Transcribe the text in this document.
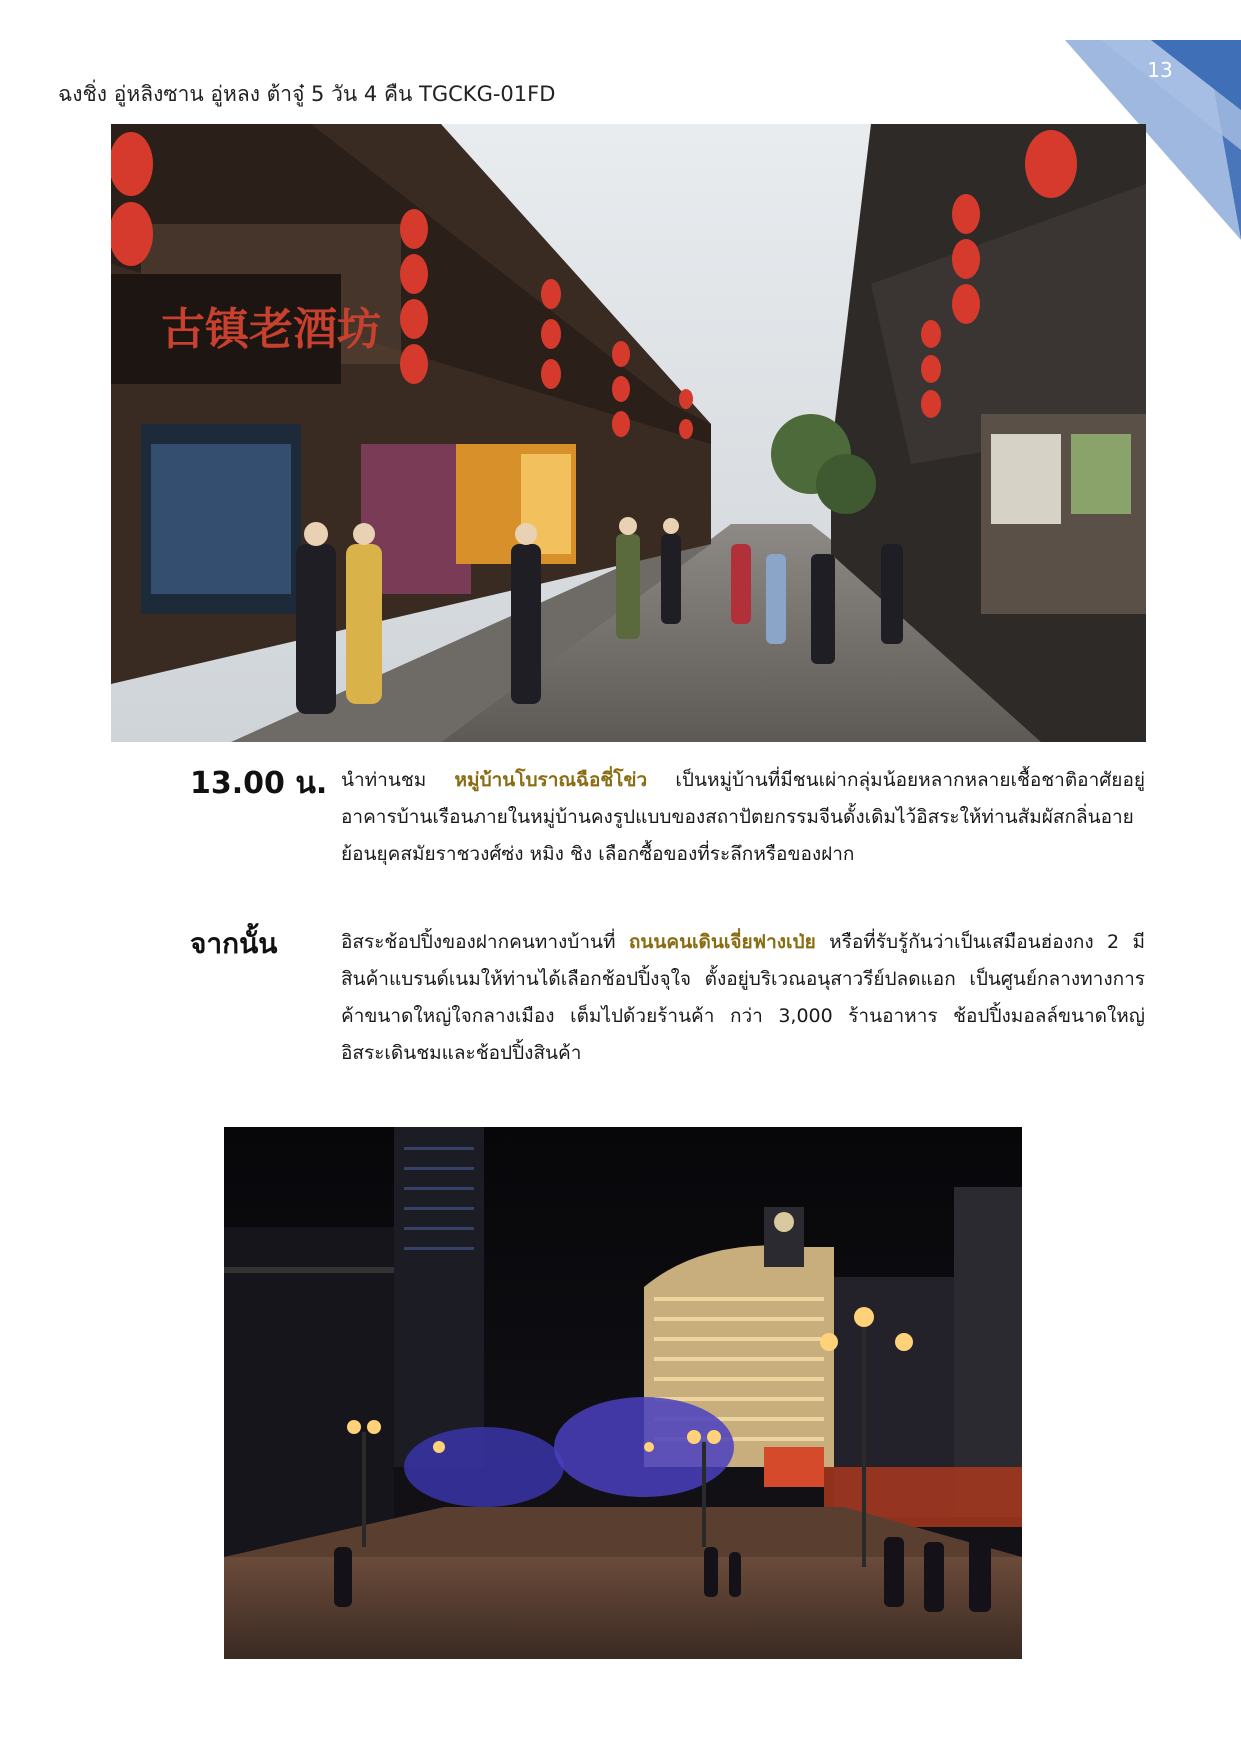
13
ฉงชิ่ง อู่หลิงซาน อู่หลง ต้าจู๋ 5 วัน 4 คืน TGCKG-01FD
古镇老酒坊
13.00 น. นำท่านชม หมู่บ้านโบราณฉือชี่โข่ว เป็นหมู่บ้านที่มีชนเผ่ากลุ่มน้อยหลากหลายเชื้อชาติอาศัยอยู่ อาคารบ้านเรือนภายในหมู่บ้านคงรูปแบบของสถาปัตยกรรมจีนดั้งเดิมไว้อิสระให้ท่านสัมผัสกลิ่นอายย้อนยุคสมัยราชวงศ์ซ่ง หมิง ชิง เลือกซื้อของที่ระลึกหรือของฝาก
จากนั้น	อิสระช้อปปิ้งของฝากคนทางบ้านที่ ถนนคนเดินเจี่ยฟางเป่ย หรือที่รับรู้กันว่าเป็นเสมือนฮ่องกง 2 มีสินค้าแบรนด์เนมให้ท่านได้เลือกช้อปปิ้งจุใจ ตั้งอยู่บริเวณอนุสาวรีย์ปลดแอก เป็นศูนย์กลางทางการค้าขนาดใหญ่ใจกลางเมือง เต็มไปด้วยร้านค้า กว่า 3,000 ร้านอาหาร ช้อปปิ้งมอลล์ขนาดใหญ่ อิสระเดินชมและช้อปปิ้งสินค้า
